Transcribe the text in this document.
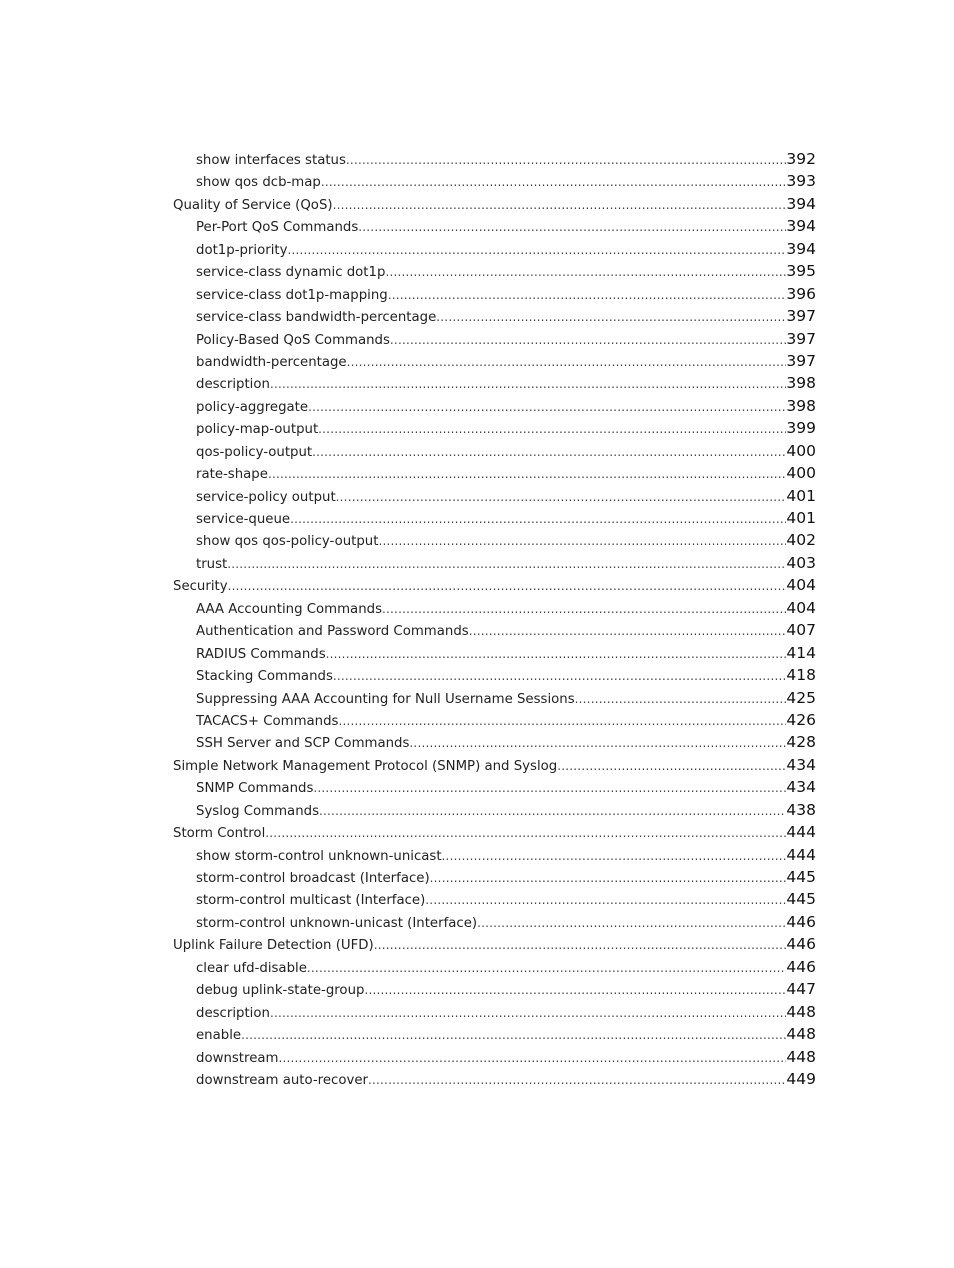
show interfaces status .....	392
show qos dcb-map .....	393
Quality of Service (QoS) .....	394
Per-Port QoS Commands .....	394
dot1p-priority .....	394
service-class dynamic dot1p .....	395
service-class dot1p-mapping .....	396
service-class bandwidth-percentage .....	397
Policy-Based QoS Commands .....	397
bandwidth-percentage .....	397
description .....	398
policy-aggregate .....	398
policy-map-output .....	399
qos-policy-output .....	400
rate-shape .....	400
service-policy output .....	401
service-queue .....	401
show qos qos-policy-output .....	402
trust .....	403
Security .....	404
AAA Accounting Commands .....	404
Authentication and Password Commands .....	407
RADIUS Commands .....	414
Stacking Commands .....	418
Suppressing AAA Accounting for Null Username Sessions .....	425
TACACS+ Commands .....	426
SSH Server and SCP Commands .....	428
Simple Network Management Protocol (SNMP) and Syslog .....	434
SNMP Commands .....	434
Syslog Commands .....	438
Storm Control .....	444
show storm-control unknown-unicast .....	444
storm-control broadcast (Interface) .....	445
storm-control multicast (Interface) .....	445
storm-control unknown-unicast (Interface) .....	446
Uplink Failure Detection (UFD) .....	446
clear ufd-disable .....	446
debug uplink-state-group .....	447
description .....	448
enable .....	448
downstream .....	448
downstream auto-recover .....	449
